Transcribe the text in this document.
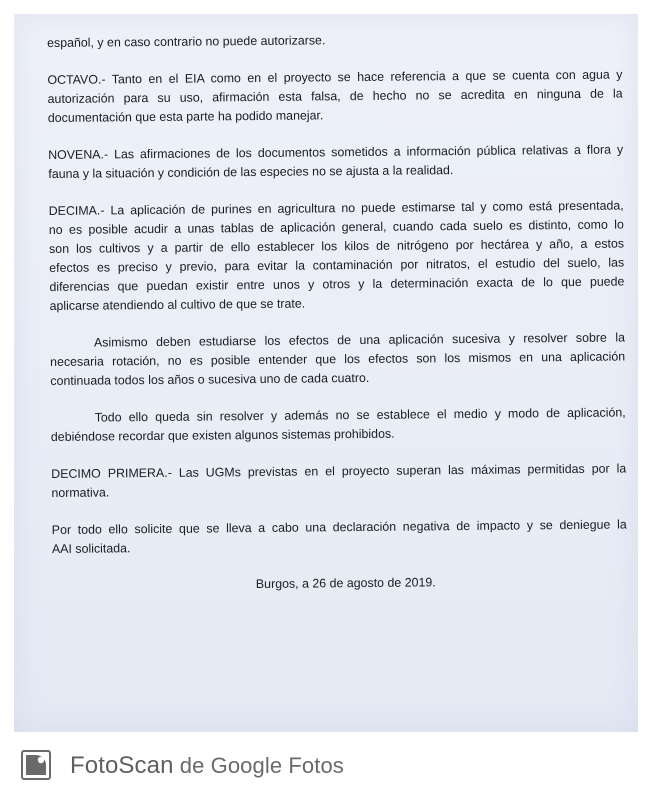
español, y en caso contrario no puede autorizarse.
OCTAVO.- Tanto en el EIA como en el proyecto se hace referencia a que se cuenta con agua y
autorización para su uso, afirmación esta falsa, de hecho no se acredita en ninguna de la
documentación que esta parte ha podido manejar.
NOVENA.- Las afirmaciones de los documentos sometidos a información pública relativas a flora y
fauna y la situación y condición de las especies no se ajusta a la realidad.
DECIMA.- La aplicación de purines en agricultura no puede estimarse tal y como está presentada,
no es posible acudir a unas tablas de aplicación general, cuando cada suelo es distinto, como lo
son los cultivos y a partir de ello establecer los kilos de nitrógeno por hectárea y año, a estos
efectos es preciso y previo, para evitar la contaminación por nitratos, el estudio del suelo, las
diferencias que puedan existir entre unos y otros y la determinación exacta de lo que puede
aplicarse atendiendo al cultivo de que se trate.
Asimismo deben estudiarse los efectos de una aplicación sucesiva y resolver sobre la
necesaria rotación, no es posible entender que los efectos son los mismos en una aplicación
continuada todos los años o sucesiva uno de cada cuatro.
Todo ello queda sin resolver y además no se establece el medio y modo de aplicación,
debiéndose recordar que existen algunos sistemas prohibidos.
DECIMO PRIMERA.- Las UGMs previstas en el proyecto superan las máximas permitidas por la
normativa.
Por todo ello solicite que se lleva a cabo una declaración negativa de impacto y se deniegue la
AAI solicitada.
Burgos, a 26 de agosto de 2019.
FotoScan de Google Fotos
